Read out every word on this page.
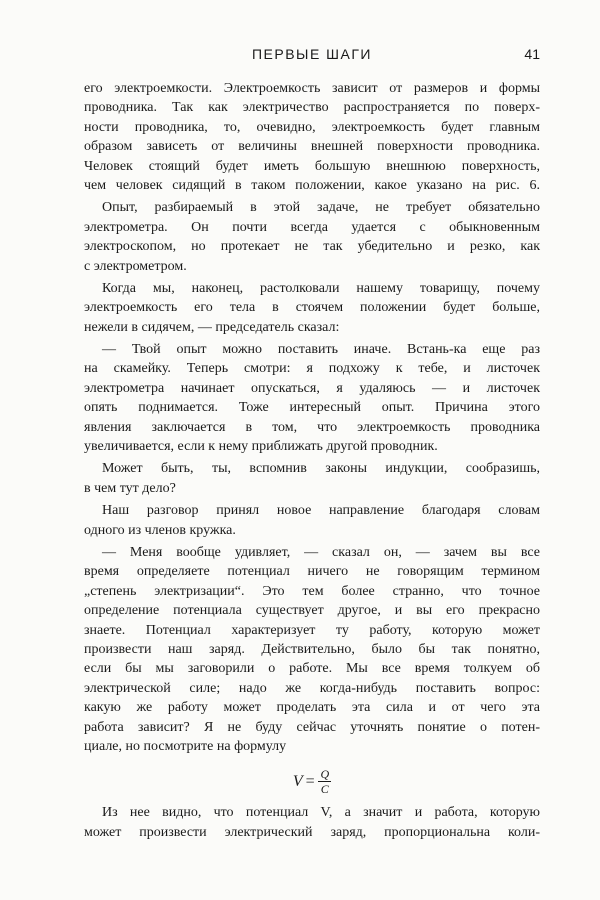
ПЕРВЫЕ ШАГИ	41
его электроемкости. Электроемкость зависит от размеров и формы
проводника. Так как электричество распространяется по поверх-
ности проводника, то, очевидно, электроемкость будет главным
образом зависеть от величины внешней поверхности проводника.
Человек стоящий будет иметь большую внешнюю поверхность,
чем человек сидящий в таком положении, какое указано на рис. 6.
Опыт, разбираемый в этой задаче, не требует обязательно
электрометра. Он почти всегда удается с обыкновенным
электроскопом, но протекает не так убедительно и резко, как
с электрометром.
Когда мы, наконец, растолковали нашему товарищу, почему
электроемкость его тела в стоячем положении будет больше,
нежели в сидячем, — председатель сказал:
— Твой опыт можно поставить иначе. Встань-ка еще раз
на скамейку. Теперь смотри: я подхожу к тебе, и листочек
электрометра начинает опускаться, я удаляюсь — и листочек
опять поднимается. Тоже интересный опыт. Причина этого
явления заключается в том, что электроемкость проводника
увеличивается, если к нему приближать другой проводник.
Может быть, ты, вспомнив законы индукции, сообразишь,
в чем тут дело?
Наш разговор принял новое направление благодаря словам
одного из членов кружка.
— Меня вообще удивляет, — сказал он, — зачем вы все
время определяете потенциал ничего не говорящим термином
„степень электризации“. Это тем более странно, что точное
определение потенциала существует другое, и вы его прекрасно
знаете. Потенциал характеризует ту работу, которую может
произвести наш заряд. Действительно, было бы так понятно,
если бы мы заговорили о работе. Мы все время толкуем об
электрической силе; надо же когда-нибудь поставить вопрос:
какую же работу может проделать эта сила и от чего эта
работа зависит? Я не буду сейчас уточнять понятие о потен-
циале, но посмотрите на формулу
$V = \frac{Q}{C}$
Из нее видно, что потенциал V, а значит и работа, которую
может произвести электрический заряд, пропорциональна коли-
